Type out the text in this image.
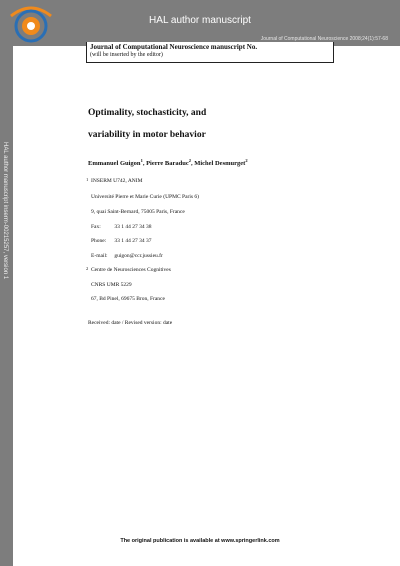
HAL author manuscript
Journal of Computational Neuroscience 2008;24(1):57-68
HAL author manuscript inserm-00215257, version 1
Journal of Computational Neuroscience manuscript No.
(will be inserted by the editor)
Optimality, stochasticity, and
variability in motor behavior
Emmanuel Guigon$^1$, Pierre Baraduc$^2$, Michel Desmurget$^2$
1 INSERM U742, ANIM
Université Pierre et Marie Curie (UPMC Paris 6)
9, quai Saint-Bernard, 75005 Paris, France
Fax: 33 1 44 27 34 38
Phone: 33 1 44 27 34 37
E-mail: guigon@ccr.jussieu.fr
2 Centre de Neurosciences Cognitives
CNRS UMR 5229
67, Bd Pinel, 69675 Bron, France
Received: date / Revised version: date
The original publication is available at www.springerlink.com
